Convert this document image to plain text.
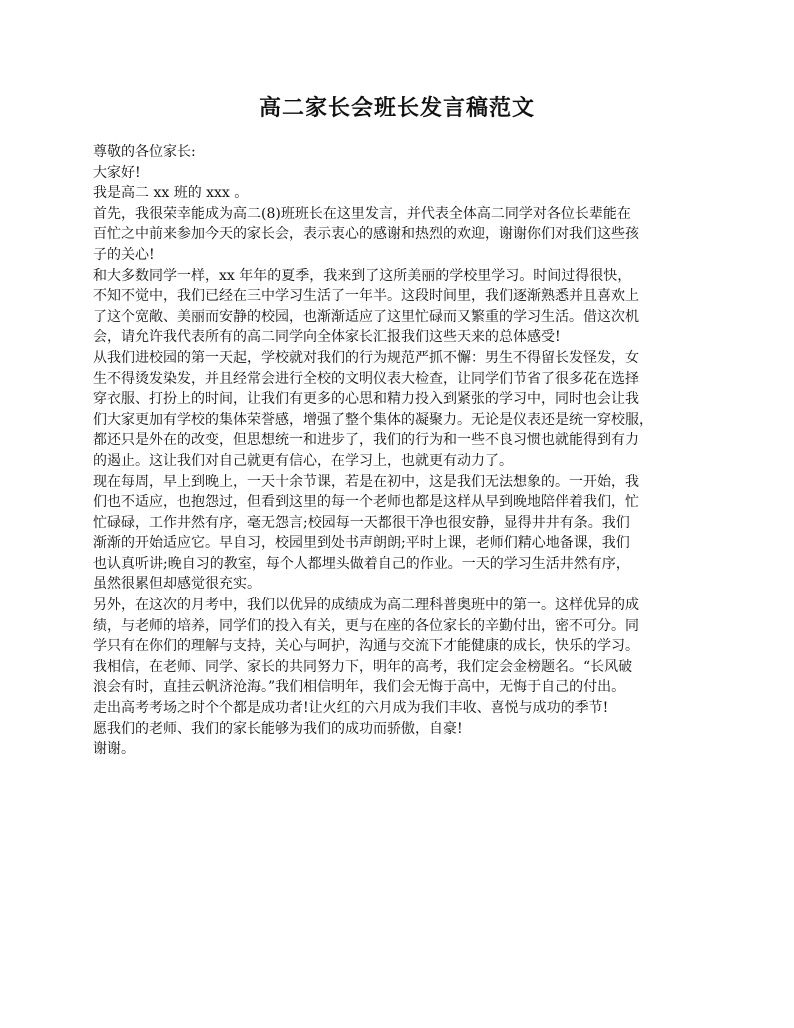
高二家长会班长发言稿范文
尊敬的各位家长:
大家好!
我是高二 xx 班的 xxx 。
首先，我很荣幸能成为高二(8)班班长在这里发言，并代表全体高二同学对各位长辈能在
百忙之中前来参加今天的家长会，表示衷心的感谢和热烈的欢迎，谢谢你们对我们这些孩
子的关心!
和大多数同学一样，xx 年年的夏季，我来到了这所美丽的学校里学习。时间过得很快，
不知不觉中，我们已经在三中学习生活了一年半。这段时间里，我们逐渐熟悉并且喜欢上
了这个宽敞、美丽而安静的校园，也渐渐适应了这里忙碌而又繁重的学习生活。借这次机
会，请允许我代表所有的高二同学向全体家长汇报我们这些天来的总体感受!
从我们进校园的第一天起，学校就对我们的行为规范严抓不懈：男生不得留长发怪发，女
生不得烫发染发，并且经常会进行全校的文明仪表大检查，让同学们节省了很多花在选择
穿衣服、打扮上的时间，让我们有更多的心思和精力投入到紧张的学习中，同时也会让我
们大家更加有学校的集体荣誉感，增强了整个集体的凝聚力。无论是仪表还是统一穿校服，
都还只是外在的改变，但思想统一和进步了，我们的行为和一些不良习惯也就能得到有力
的遏止。这让我们对自己就更有信心，在学习上，也就更有动力了。
现在每周，早上到晚上，一天十余节课，若是在初中，这是我们无法想象的。一开始，我
们也不适应，也抱怨过，但看到这里的每一个老师也都是这样从早到晚地陪伴着我们，忙
忙碌碌，工作井然有序，毫无怨言;校园每一天都很干净也很安静，显得井井有条。我们
渐渐的开始适应它。早自习，校园里到处书声朗朗;平时上课，老师们精心地备课，我们
也认真听讲;晚自习的教室，每个人都埋头做着自己的作业。一天的学习生活井然有序，
虽然很累但却感觉很充实。
另外，在这次的月考中，我们以优异的成绩成为高二理科普奥班中的第一。这样优异的成
绩，与老师的培养，同学们的投入有关，更与在座的各位家长的辛勤付出，密不可分。同
学只有在你们的理解与支持，关心与呵护，沟通与交流下才能健康的成长，快乐的学习。
我相信，在老师、同学、家长的共同努力下，明年的高考，我们定会金榜题名。“长风破
浪会有时，直挂云帆济沧海。”我们相信明年，我们会无悔于高中，无悔于自己的付出。
走出高考考场之时个个都是成功者!让火红的六月成为我们丰收、喜悦与成功的季节!
愿我们的老师、我们的家长能够为我们的成功而骄傲，自豪!
谢谢。
